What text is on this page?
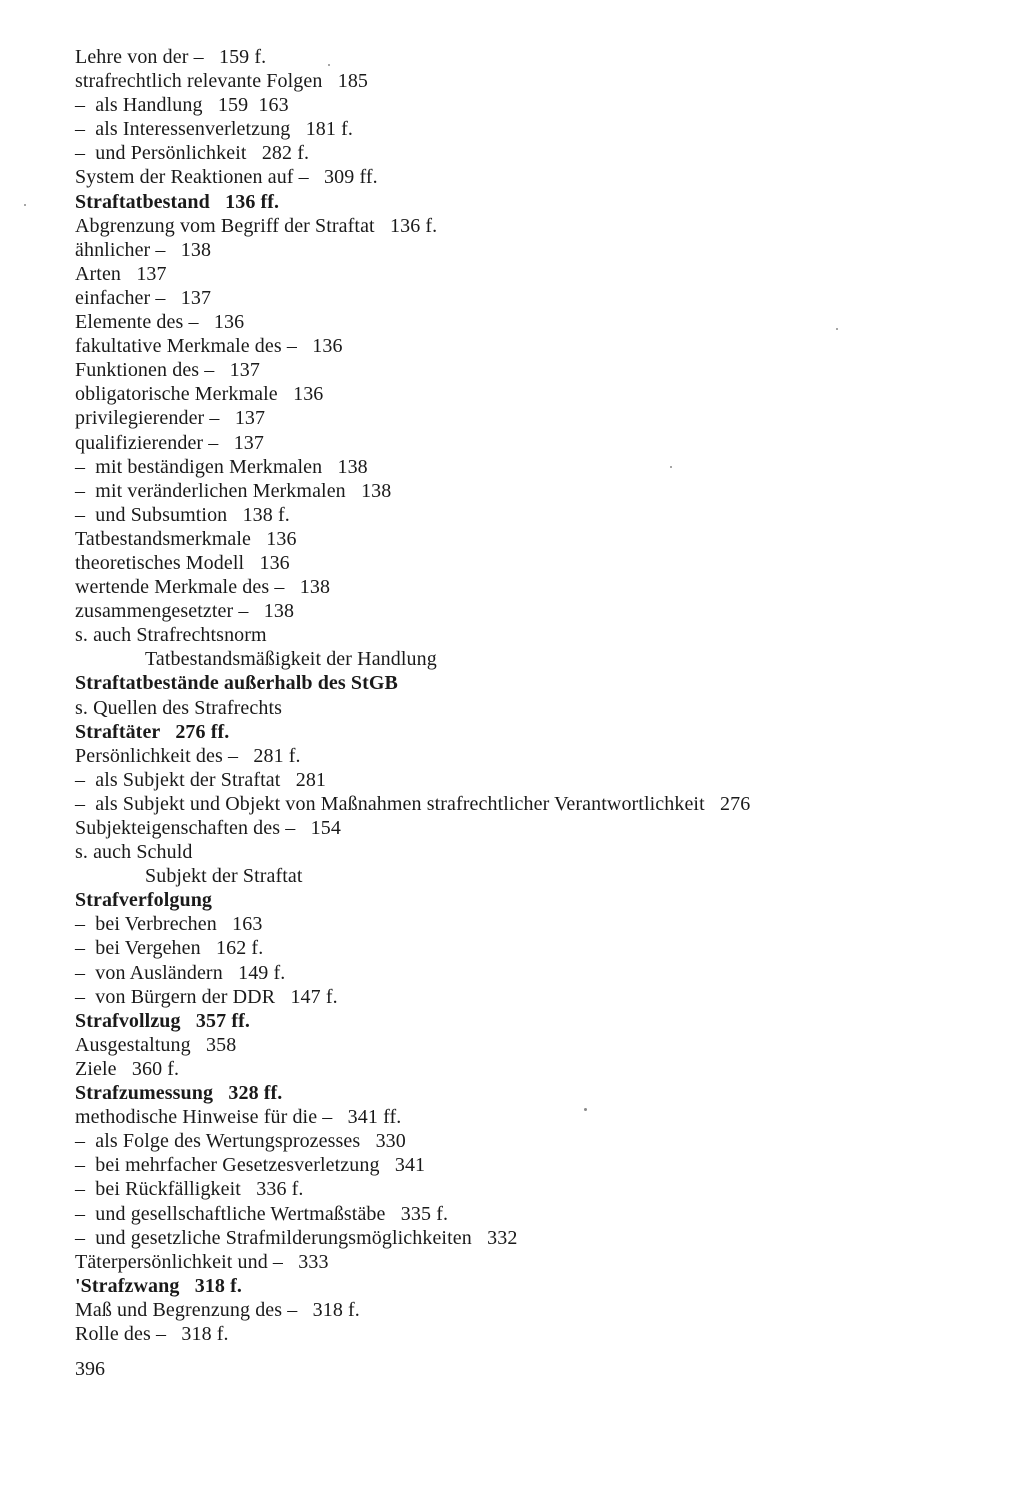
Lehre von der –   159 f.
strafrechtlich relevante Folgen   185
–  als Handlung   159  163
–  als Interessenverletzung   181 f.
–  und Persönlichkeit   282 f.
System der Reaktionen auf –   309 ff.
Straftatbestand   136 ff.
Abgrenzung vom Begriff der Straftat   136 f.
ähnlicher –   138
Arten   137
einfacher –   137
Elemente des –   136
fakultative Merkmale des –   136
Funktionen des –   137
obligatorische Merkmale   136
privilegierender –   137
qualifizierender –   137
–  mit beständigen Merkmalen   138
–  mit veränderlichen Merkmalen   138
–  und Subsumtion   138 f.
Tatbestandsmerkmale   136
theoretisches Modell   136
wertende Merkmale des –   138
zusammengesetzter –   138
s. auch Strafrechtsnorm
Tatbestandsmäßigkeit der Handlung
Straftatbestände außerhalb des StGB
s. Quellen des Strafrechts
Straftäter   276 ff.
Persönlichkeit des –   281 f.
–  als Subjekt der Straftat   281
–  als Subjekt und Objekt von Maßnahmen strafrechtlicher Verantwortlichkeit   276
Subjekteigenschaften des –   154
s. auch Schuld
Subjekt der Straftat
Strafverfolgung
–  bei Verbrechen   163
–  bei Vergehen   162 f.
–  von Ausländern   149 f.
–  von Bürgern der DDR   147 f.
Strafvollzug   357 ff.
Ausgestaltung   358
Ziele   360 f.
Strafzumessung   328 ff.
methodische Hinweise für die –   341 ff.
–  als Folge des Wertungsprozesses   330
–  bei mehrfacher Gesetzesverletzung   341
–  bei Rückfälligkeit   336 f.
–  und gesellschaftliche Wertmaßstäbe   335 f.
–  und gesetzliche Strafmilderungsmöglichkeiten   332
Täterpersönlichkeit und –   333
'Strafzwang   318 f.
Maß und Begrenzung des –   318 f.
Rolle des –   318 f.
396
